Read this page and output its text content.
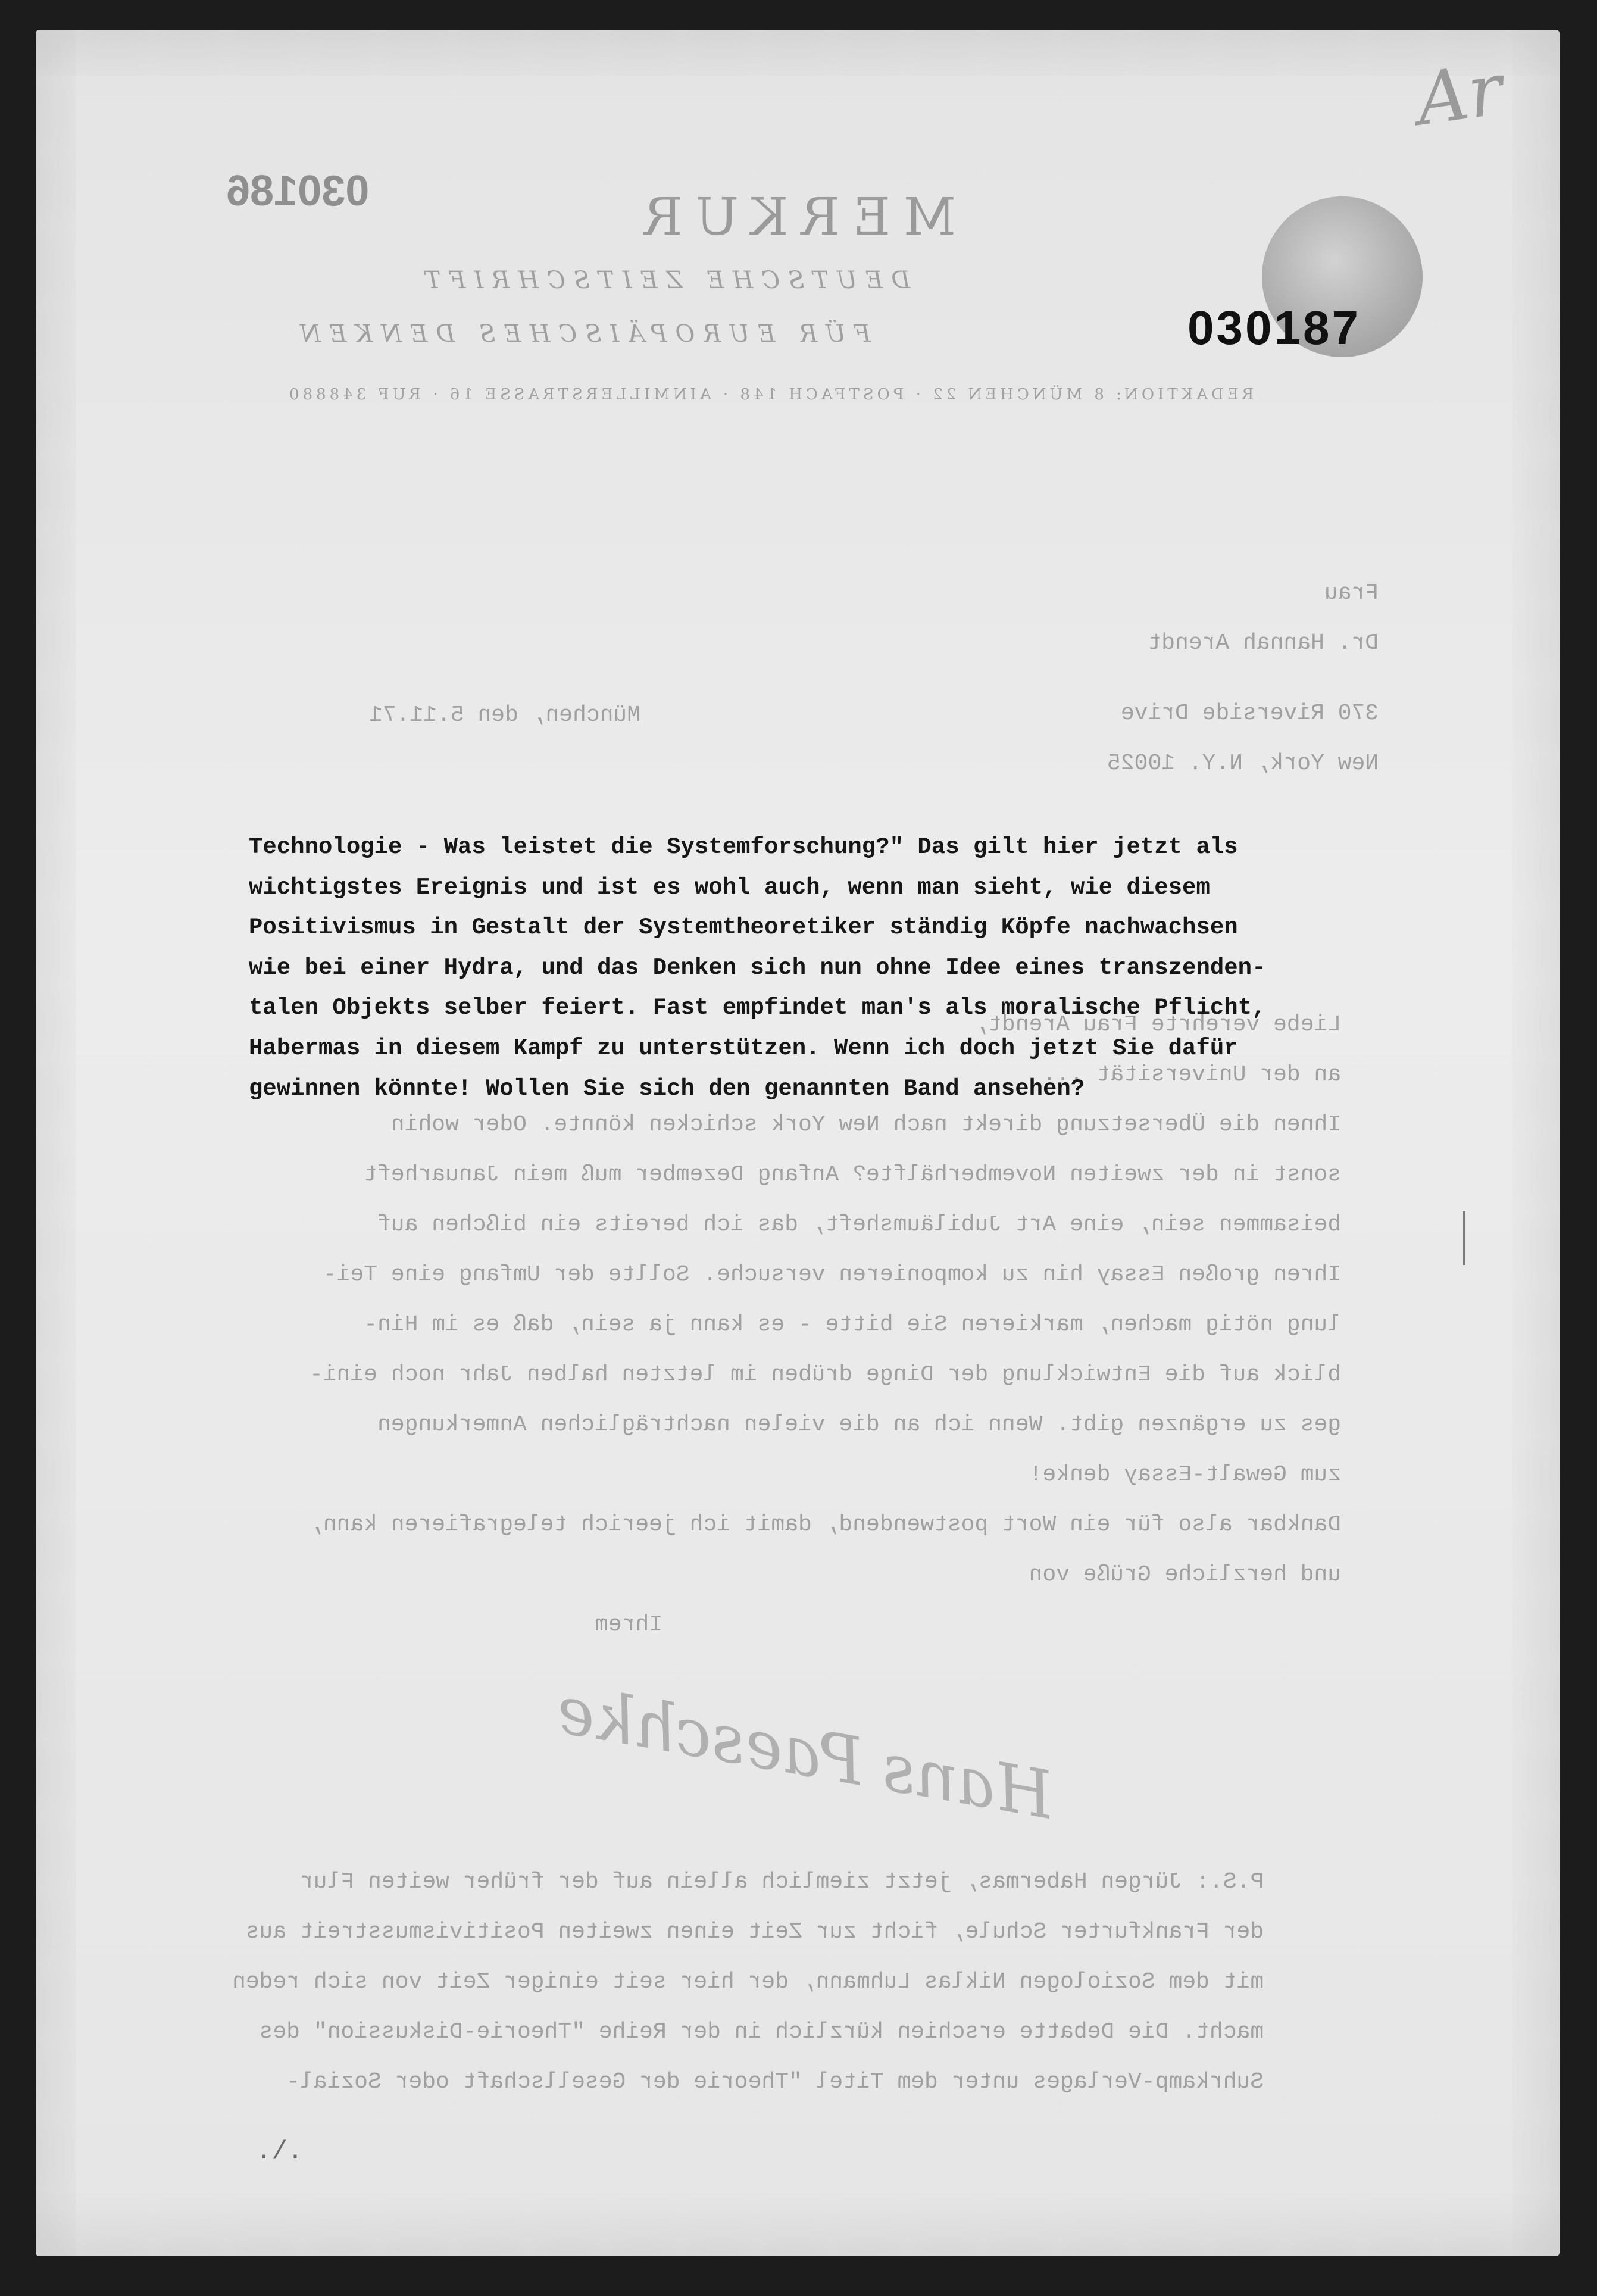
Ar
030186	MERKUR
DEUTSCHE ZEITSCHRIFT
FÜR EUROPÄISCHES DENKEN
REDAKTION: 8 MÜNCHEN 22 · POSTFACH 148 · AINMILLERSTRASSE 16 · RUF 348880
030187
Frau
Dr. Hannah Arendt
370 Riverside Drive
New York, N.Y. 10025
München, den 5.11.71
Liebe verehrte Frau Arendt,
an der Universität ...
Ihnen die Übersetzung direkt nach New York schicken könnte. Oder wohin
sonst in der zweiten Novemberhälfte? Anfang Dezember muß mein Januarheft
beisammen sein, eine Art Jubiläumsheft, das ich bereits ein bißchen auf
Ihren großen Essay hin zu komponieren versuche. Sollte der Umfang eine Tei-
lung nötig machen, markieren Sie bitte - es kann ja sein, daß es im Hin-
blick auf die Entwicklung der Dinge drüben im letzten halben Jahr noch eini-
ges zu ergänzen gibt. Wenn ich an die vielen nachträglichen Anmerkungen
zum Gewalt-Essay denke!
Dankbar also für ein Wort postwendend, damit ich jeerich telegrafieren kann,
und herzliche Grüße von
Ihrem
Hans Paeschke
P.S.: Jürgen Habermas, jetzt ziemlich allein auf der früher weiten Flur
der Frankfurter Schule, ficht zur Zeit einen zweiten Positivismusstreit aus
mit dem Soziologen Niklas Luhmann, der hier seit einiger Zeit von sich reden
macht. Die Debatte erschien kürzlich in der Reihe "Theorie-Diskussion" des
Suhrkamp-Verlages unter dem Titel "Theorie der Gesellschaft oder Sozial-
./.
Technologie - Was leistet die Systemforschung?" Das gilt hier jetzt als
wichtigstes Ereignis und ist es wohl auch, wenn man sieht, wie diesem
Positivismus in Gestalt der Systemtheoretiker ständig Köpfe nachwachsen
wie bei einer Hydra, und das Denken sich nun ohne Idee eines transzenden-
talen Objekts selber feiert. Fast empfindet man's als moralische Pflicht,
Habermas in diesem Kampf zu unterstützen. Wenn ich doch jetzt Sie dafür
gewinnen könnte! Wollen Sie sich den genannten Band ansehen?
